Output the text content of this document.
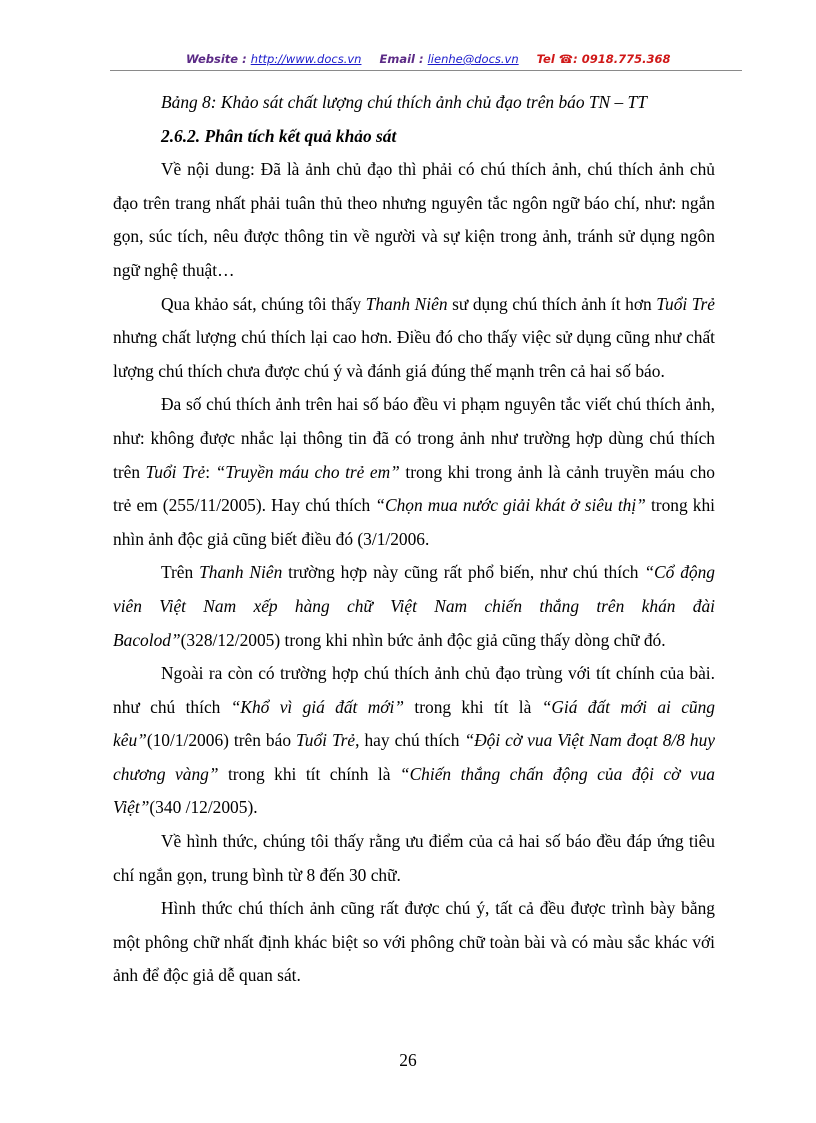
Website : http://www.docs.vn Email : lienhe@docs.vn Tel ☎: 0918.775.368

Bảng 8: Khảo sát chất lượng chú thích ảnh chủ đạo trên báo TN – TT

2.6.2. Phân tích kết quả khảo sát

Về nội dung: Đã là ảnh chủ đạo thì phải có chú thích ảnh, chú thích ảnh chủ đạo trên trang nhất phải tuân thủ theo nhưng nguyên tắc ngôn ngữ báo chí, như: ngắn gọn, súc tích, nêu được thông tin về người và sự kiện trong ảnh, tránh sử dụng ngôn ngữ nghệ thuật…

Qua khảo sát, chúng tôi thấy Thanh Niên sư dụng chú thích ảnh ít hơn Tuổi Trẻ nhưng chất lượng chú thích lại cao hơn. Điều đó cho thấy việc sử dụng cũng như chất lượng chú thích chưa được chú ý và đánh giá đúng thế mạnh trên cả hai số báo.

Đa số chú thích ảnh trên hai số báo đều vi phạm nguyên tắc viết chú thích ảnh, như: không được nhắc lại thông tin đã có trong ảnh như trường hợp dùng chú thích trên Tuổi Trẻ: “Truyền máu cho trẻ em” trong khi trong ảnh là cảnh truyền máu cho trẻ em (255/11/2005). Hay chú thích “Chọn mua nước giải khát ở siêu thị” trong khi nhìn ảnh độc giả cũng biết điều đó (3/1/2006.

Trên Thanh Niên trường hợp này cũng rất phổ biến, như chú thích “Cổ động viên Việt Nam xếp hàng chữ Việt Nam chiến thắng trên khán đài Bacolod”(328/12/2005) trong khi nhìn bức ảnh độc giả cũng thấy dòng chữ đó.

Ngoài ra còn có trường hợp chú thích ảnh chủ đạo trùng với tít chính của bài. như chú thích “Khổ vì giá đất mới” trong khi tít là “Giá đất mới ai cũng kêu”(10/1/2006) trên báo Tuổi Trẻ, hay chú thích “Đội cờ vua Việt Nam đoạt 8/8 huy chương vàng” trong khi tít chính là “Chiến thắng chấn động của đội cờ vua Việt”(340 /12/2005).

Về hình thức, chúng tôi thấy rằng ưu điểm của cả hai số báo đều đáp ứng tiêu chí ngắn gọn, trung bình từ 8 đến 30 chữ.

Hình thức chú thích ảnh cũng rất được chú ý, tất cả đều được trình bày bằng một phông chữ nhất định khác biệt so với phông chữ toàn bài và có màu sắc khác với ảnh để độc giả dễ quan sát.

26
